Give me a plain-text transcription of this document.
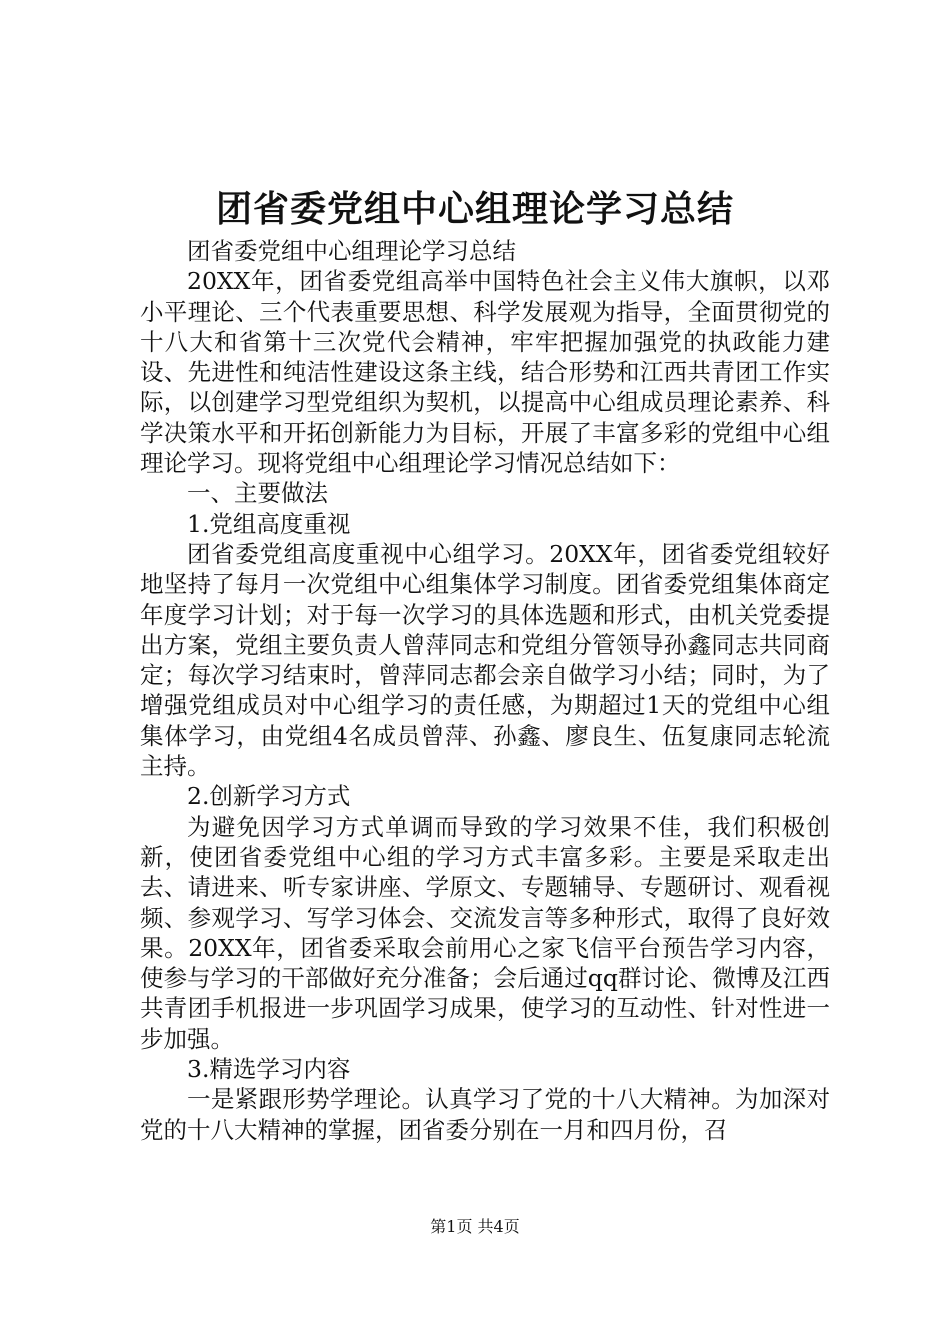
团省委党组中心组理论学习总结

团省委党组中心组理论学习总结

20XX年，团省委党组高举中国特色社会主义伟大旗帜，以邓小平理论、三个代表重要思想、科学发展观为指导，全面贯彻党的十八大和省第十三次党代会精神，牢牢把握加强党的执政能力建设、先进性和纯洁性建设这条主线，结合形势和江西共青团工作实际，以创建学习型党组织为契机，以提高中心组成员理论素养、科学决策水平和开拓创新能力为目标，开展了丰富多彩的党组中心组理论学习。现将党组中心组理论学习情况总结如下：

一、主要做法

1.党组高度重视

团省委党组高度重视中心组学习。20XX年，团省委党组较好地坚持了每月一次党组中心组集体学习制度。团省委党组集体商定年度学习计划；对于每一次学习的具体选题和形式，由机关党委提出方案，党组主要负责人曾萍同志和党组分管领导孙鑫同志共同商定；每次学习结束时，曾萍同志都会亲自做学习小结；同时，为了增强党组成员对中心组学习的责任感，为期超过1天的党组中心组集体学习，由党组4名成员曾萍、孙鑫、廖良生、伍复康同志轮流主持。

2.创新学习方式

为避免因学习方式单调而导致的学习效果不佳，我们积极创新，使团省委党组中心组的学习方式丰富多彩。主要是采取走出去、请进来、听专家讲座、学原文、专题辅导、专题研讨、观看视频、参观学习、写学习体会、交流发言等多种形式，取得了良好效果。20XX年，团省委采取会前用心之家飞信平台预告学习内容，使参与学习的干部做好充分准备；会后通过qq群讨论、微博及江西共青团手机报进一步巩固学习成果，使学习的互动性、针对性进一步加强。

3.精选学习内容

一是紧跟形势学理论。认真学习了党的十八大精神。为加深对党的十八大精神的掌握，团省委分别在一月和四月份，召

第1页 共4页
